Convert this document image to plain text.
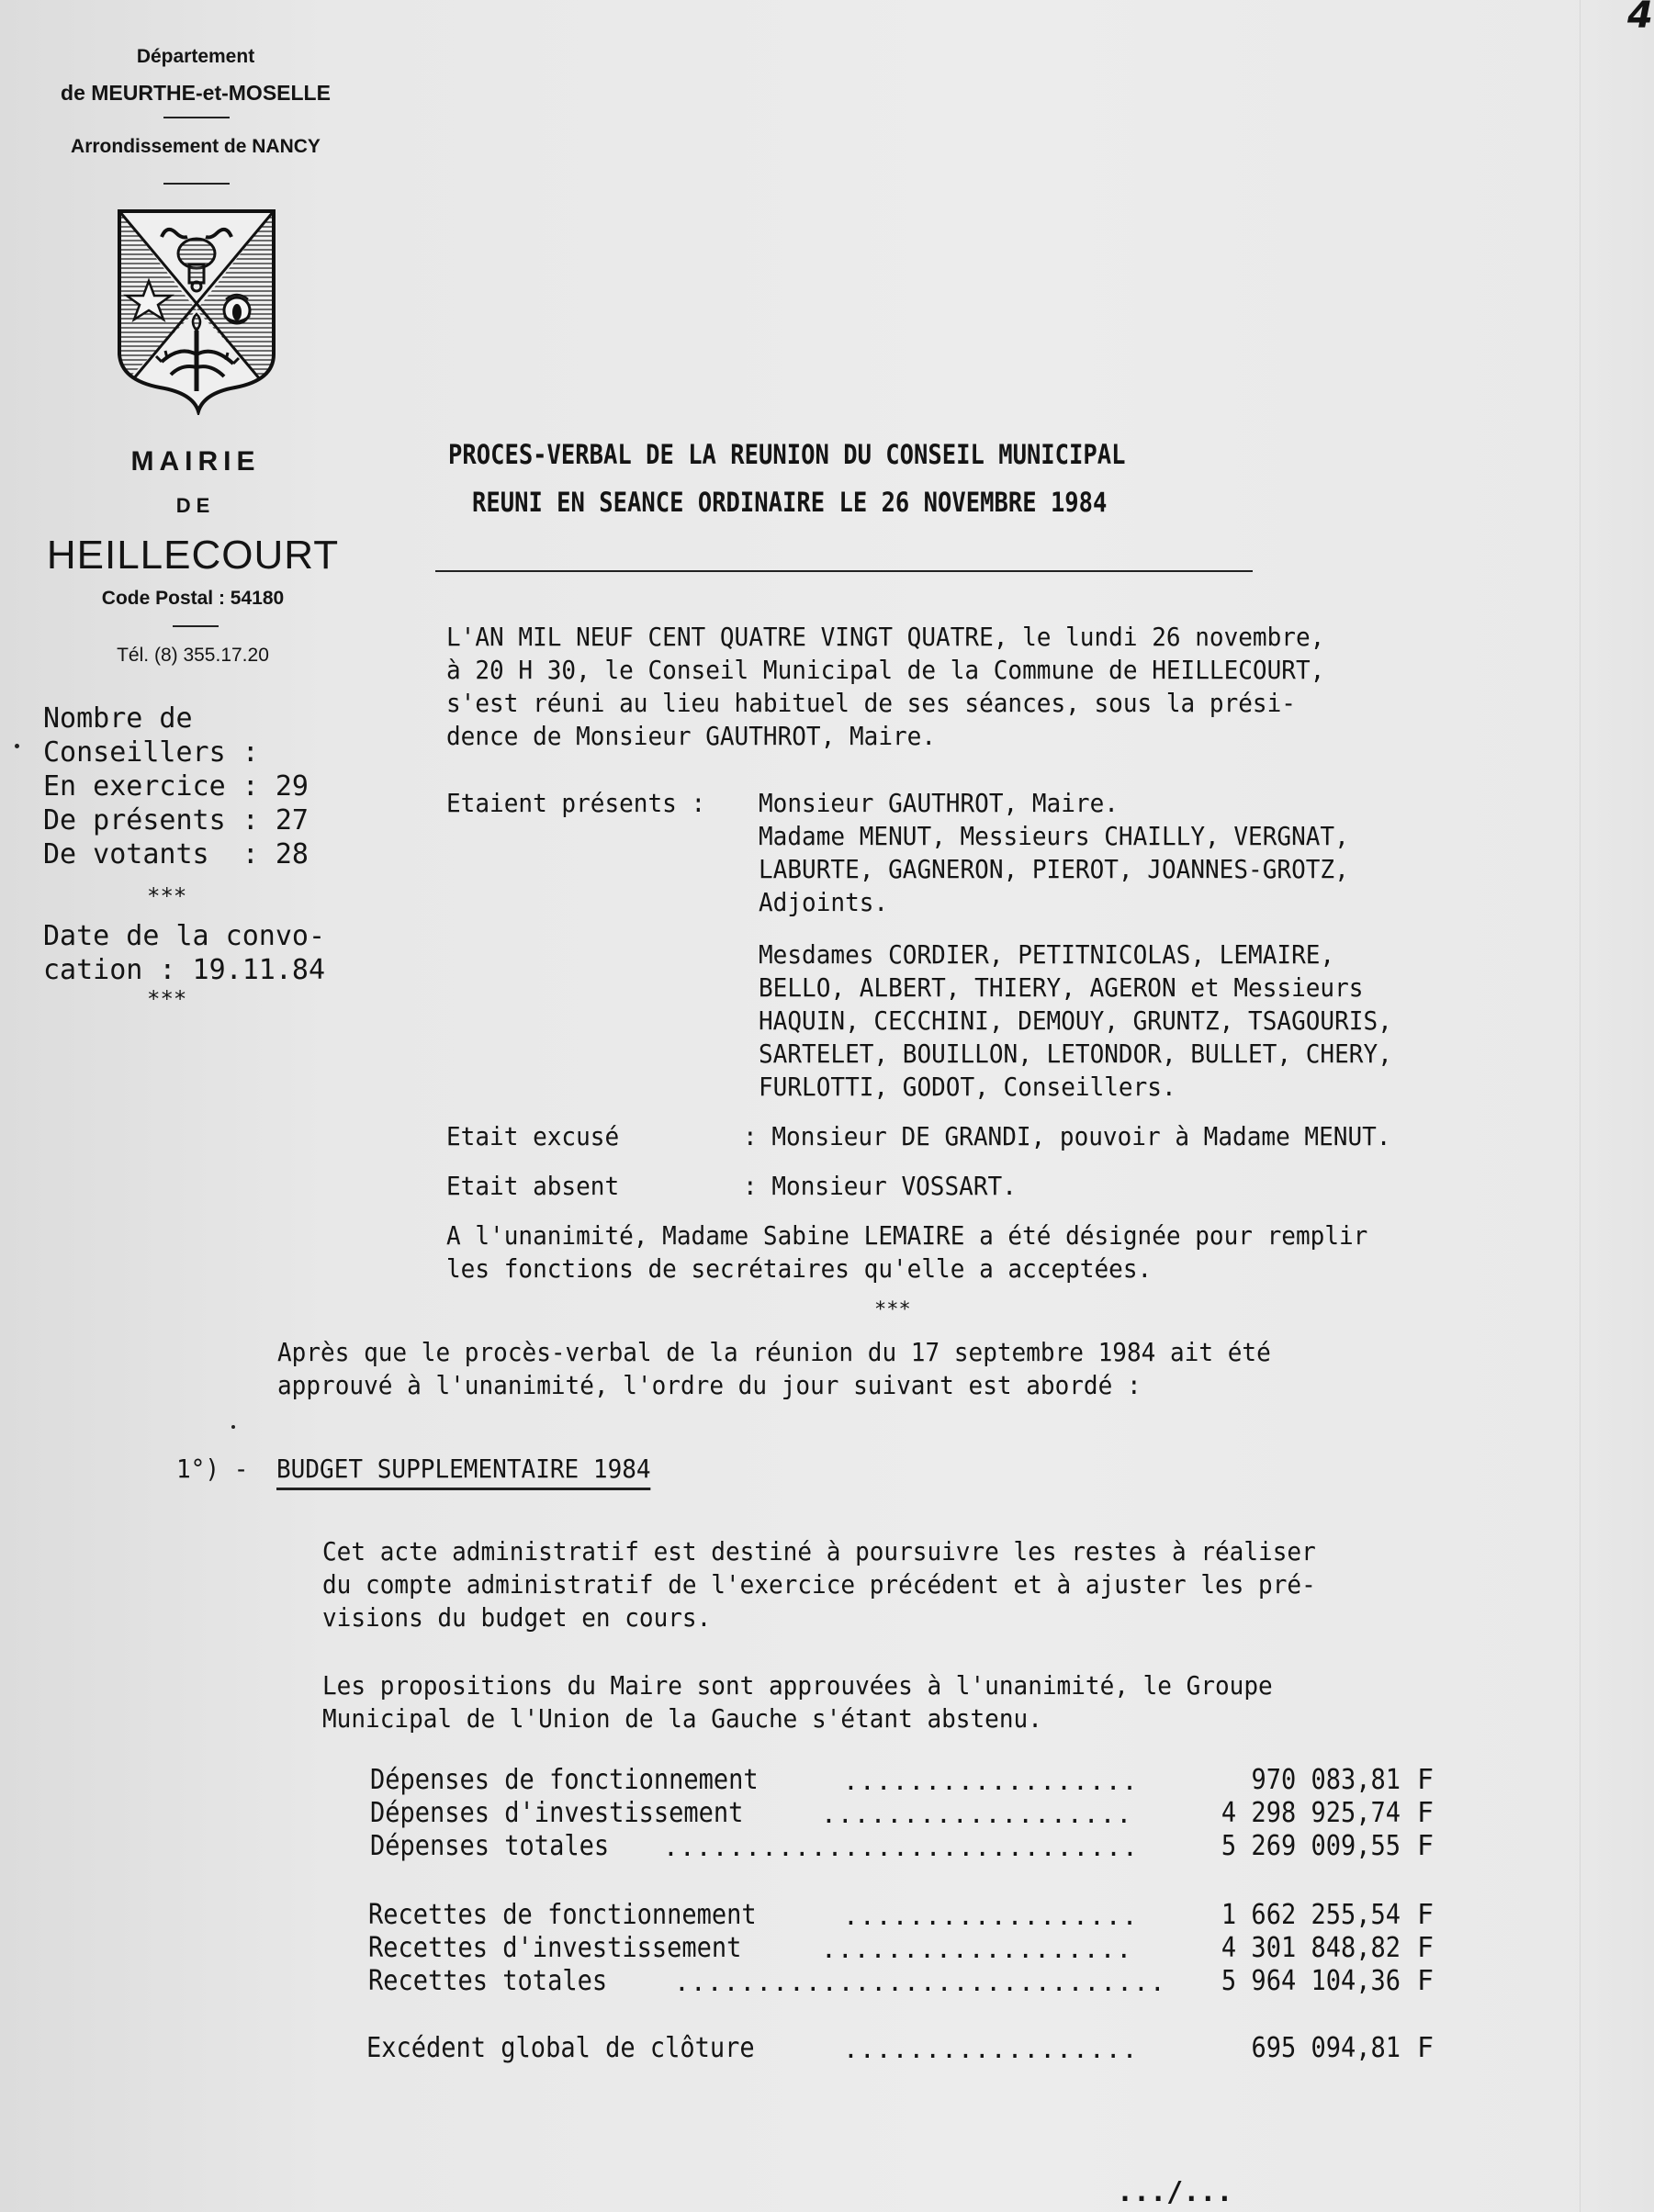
4
Département
de MEURTHE-et-MOSELLE
Arrondissement de NANCY
MAIRIE
DE
HEILLECOURT
Code Postal : 54180
Tél. (8) 355.17.20
Nombre de
Conseillers :
En exercice : 29
De présents : 27
De votants  : 28
***
Date de la convo-
cation : 19.11.84
***
PROCES-VERBAL DE LA REUNION DU CONSEIL MUNICIPAL
REUNI EN SEANCE ORDINAIRE LE 26 NOVEMBRE 1984
L'AN MIL NEUF CENT QUATRE VINGT QUATRE, le lundi 26 novembre,
à 20 H 30, le Conseil Municipal de la Commune de HEILLECOURT,
s'est réuni au lieu habituel de ses séances, sous la prési-
dence de Monsieur GAUTHROT, Maire.
Etaient présents : Monsieur GAUTHROT, Maire.
Madame MENUT, Messieurs CHAILLY, VERGNAT,
LABURTE, GAGNERON, PIEROT, JOANNES-GROTZ,
Adjoints.
Mesdames CORDIER, PETITNICOLAS, LEMAIRE,
BELLO, ALBERT, THIERY, AGERON et Messieurs
HAQUIN, CECCHINI, DEMOUY, GRUNTZ, TSAGOURIS,
SARTELET, BOUILLON, LETONDOR, BULLET, CHERY,
FURLOTTI, GODOT, Conseillers.
Etait excusé	: Monsieur DE GRANDI, pouvoir à Madame MENUT.
Etait absent	: Monsieur VOSSART.
A l'unanimité, Madame Sabine LEMAIRE a été désignée pour remplir
les fonctions de secrétaires qu'elle a acceptées.
***
Après que le procès-verbal de la réunion du 17 septembre 1984 ait été
approuvé à l'unanimité, l'ordre du jour suivant est abordé :
1°) - BUDGET SUPPLEMENTAIRE 1984
Cet acte administratif est destiné à poursuivre les restes à réaliser
du compte administratif de l'exercice précédent et à ajuster les pré-
visions du budget en cours.
Les propositions du Maire sont approuvées à l'unanimité, le Groupe
Municipal de l'Union de la Gauche s'étant abstenu.
Dépenses de fonctionnement	..................	970 083,81 F
Dépenses d'investissement	...................	4 298 925,74 F
Dépenses totales .............................	5 269 009,55 F
Recettes de fonctionnement	..................	1 662 255,54 F
Recettes d'investissement	...................	4 301 848,82 F
Recettes totales	..............................	5 964 104,36 F
Excédent global de clôture	..................	695 094,81 F
.../...
